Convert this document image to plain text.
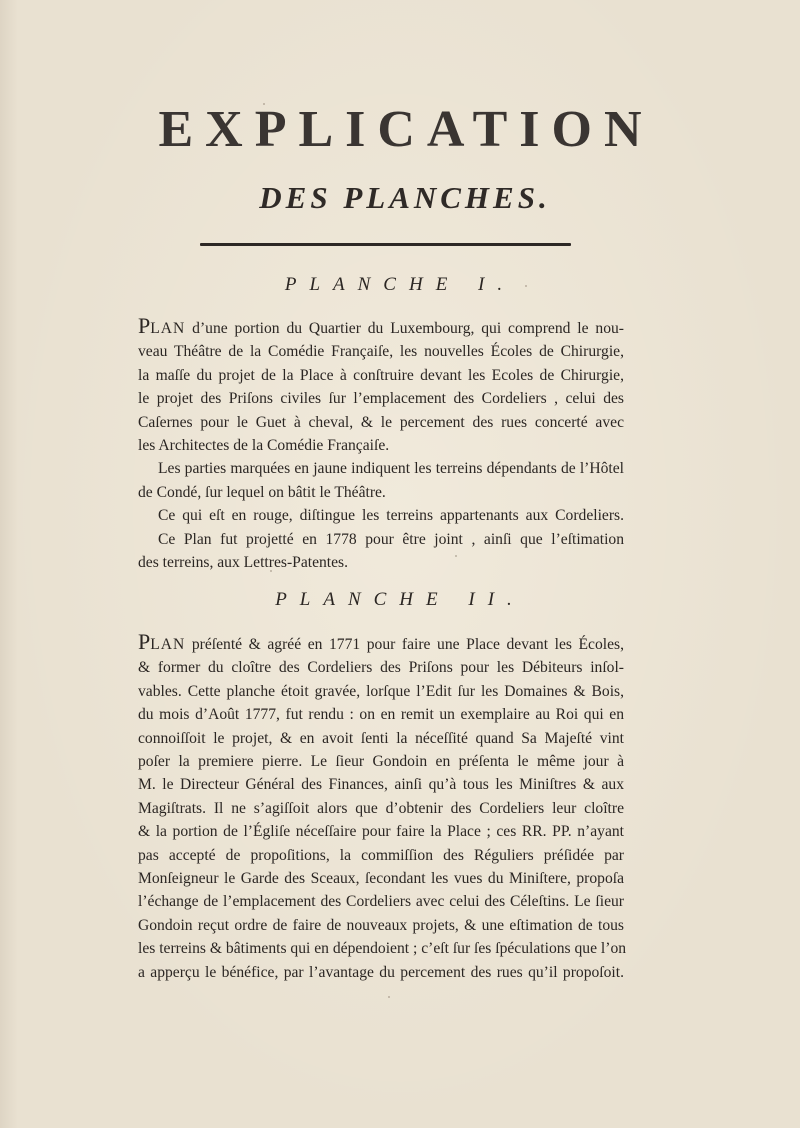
EXPLICATION
DES PLANCHES.
PLANCHE I.
PLAN d’une portion du Quartier du Luxembourg, qui comprend le nou-
veau Théâtre de la Comédie Françaiſe, les nouvelles Écoles de Chirurgie,
la maſſe du projet de la Place à conſtruire devant les Ecoles de Chirurgie,
le projet des Priſons civiles ſur l’emplacement des Cordeliers , celui des
Caſernes pour le Guet à cheval, & le percement des rues concerté avec
les Architectes de la Comédie Françaiſe.
Les parties marquées en jaune indiquent les terreins dépendants de l’Hôtel
de Condé, ſur lequel on bâtit le Théâtre.
Ce qui eſt en rouge, diſtingue les terreins appartenants aux Cordeliers.
Ce Plan fut projetté en 1778 pour être joint , ainſi que l’eſtimation
des terreins, aux Lettres-Patentes.
PLANCHE II.
PLAN préſenté & agréé en 1771 pour faire une Place devant les Écoles,
& former du cloître des Cordeliers des Priſons pour les Débiteurs inſol-
vables. Cette planche étoit gravée, lorſque l’Edit ſur les Domaines & Bois,
du mois d’Août 1777, fut rendu : on en remit un exemplaire au Roi qui en
connoiſſoit le projet, & en avoit ſenti la néceſſité quand Sa Majeſté vint
poſer la premiere pierre. Le ſieur Gondoin en préſenta le même jour à
M. le Directeur Général des Finances, ainſi qu’à tous les Miniſtres & aux
Magiſtrats. Il ne s’agiſſoit alors que d’obtenir des Cordeliers leur cloître
& la portion de l’Égliſe néceſſaire pour faire la Place ; ces RR. PP. n’ayant
pas accepté de propoſitions, la commiſſion des Réguliers préſidée par
Monſeigneur le Garde des Sceaux, ſecondant les vues du Miniſtere, propoſa
l’échange de l’emplacement des Cordeliers avec celui des Céleſtins. Le ſieur
Gondoin reçut ordre de faire de nouveaux projets, & une eſtimation de tous
les terreins & bâtiments qui en dépendoient ; c’eſt ſur ſes ſpéculations que l’on
a apperçu le bénéfice, par l’avantage du percement des rues qu’il propoſoit.
